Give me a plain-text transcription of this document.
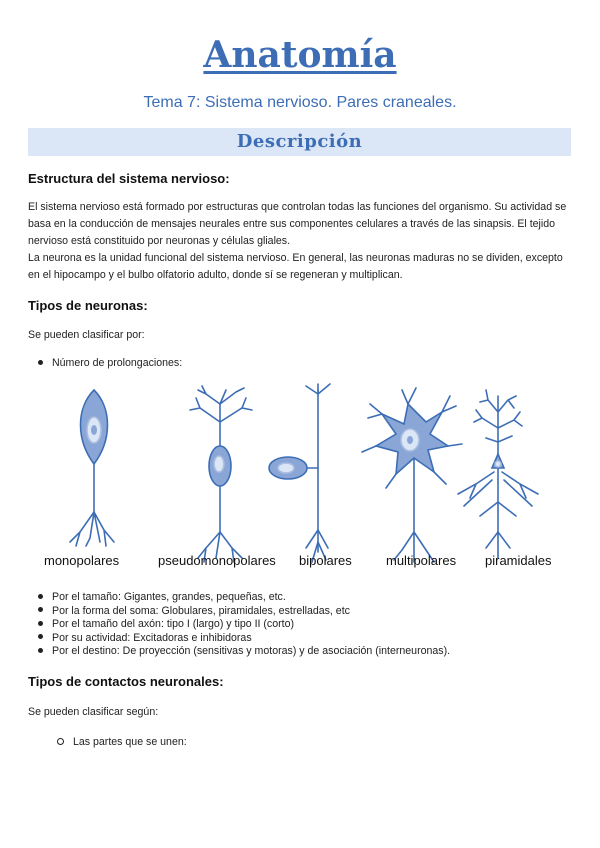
Anatomía
Tema 7: Sistema nervioso. Pares craneales.
Descripción
Estructura del sistema nervioso:

El sistema nervioso está formado por estructuras que controlan todas las funciones del organismo. Su actividad se basa en la conducción de mensajes neurales entre sus componentes celulares a través de las sinapsis. El tejido nervioso está constituido por neuronas y células gliales.

La neurona es la unidad funcional del sistema nervioso. En general, las neuronas maduras no se dividen, excepto en el hipocampo y el bulbo olfatorio adulto, donde sí se regeneran y multiplican.

Tipos de neuronas:
Se pueden clasificar por:
Número de prolongaciones:
monopolares	pseudomonopolares bipolares	multipolares piramidales
Por el tamaño: Gigantes, grandes, pequeñas, etc.
Por la forma del soma: Globulares, piramidales, estrelladas, etc
Por el tamaño del axón: tipo I (largo) y tipo II (corto)
Por su actividad: Excitadoras e inhibidoras
Por el destino: De proyección (sensitivas y motoras) y de asociación (interneuronas).
Tipos de contactos neuronales:
Se pueden clasificar según:
Las partes que se unen:
